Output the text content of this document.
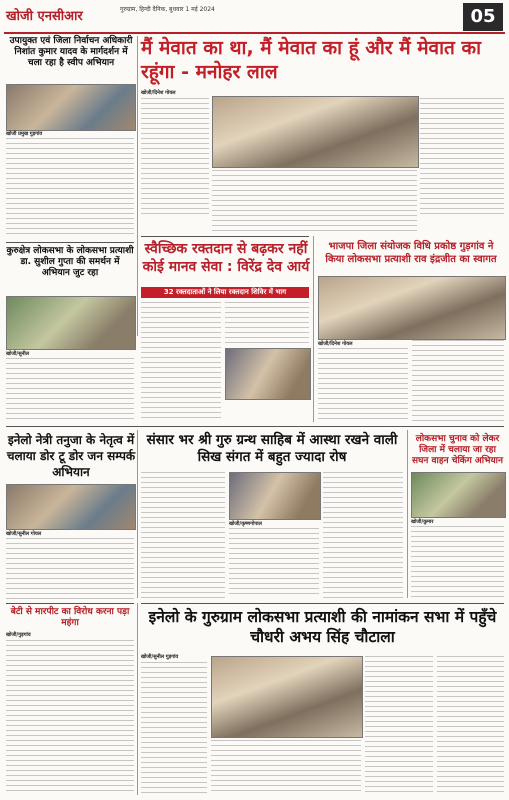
खोजी एनसीआर	गुरुग्राम, हिन्दी दैनिक, बुधवार 1 मई 2024	05
उपायुक्त एवं जिला निर्वाचन अधिकारी निशांत कुमार यादव के मार्गदर्शन में चला रहा है स्वीप अभियान
खोजी प्रमुख गुड़गांव
मैं मेवात का था, मैं मेवात का हूं और मैं मेवात का रहूंगा - मनोहर लाल
खोजी/दिनेश गोयल
कुरुक्षेत्र लोकसभा के लोकसभा प्रत्याशी डा. सुशील गुप्ता की समर्थन में अभियान जुट रहा
खोजी/सुनील
स्वैच्छिक रक्तदान से बढ़कर नहीं कोई मानव सेवा : विरेंद्र देव आर्य
32 रक्तदाताओं ने लिया रक्तदान शिविर में भाग
भाजपा जिला संयोजक विधि प्रकोष्ठ गुड़गांव ने किया लोकसभा प्रत्याशी राव इंद्रजीत का स्वागत
खोजी/दिनेश गोयल
इनेलो नेत्री तनुजा के नेतृत्व में चलाया डोर टू डोर जन सम्पर्क अभियान
खोजी/सुनील गोयल
संसार भर श्री गुरु ग्रन्थ साहिब में आस्था रखने वाली सिख संगत में बहुत ज्यादा रोष
खोजी/कृष्णगोपाल
लोकसभा चुनाव को लेकर जिला में चलाया जा रहा सघन वाहन चेकिंग अभियान
खोजी/कुमार
बेटी से मारपीट का विरोध करना पड़ा महंगा
खोजी/गुड़गांव
इनेलो के गुरुग्राम लोकसभा प्रत्याशी की नामांकन सभा में पहुँचे चौधरी अभय सिंह चौटाला
खोजी/सुनील गुड़गांव
